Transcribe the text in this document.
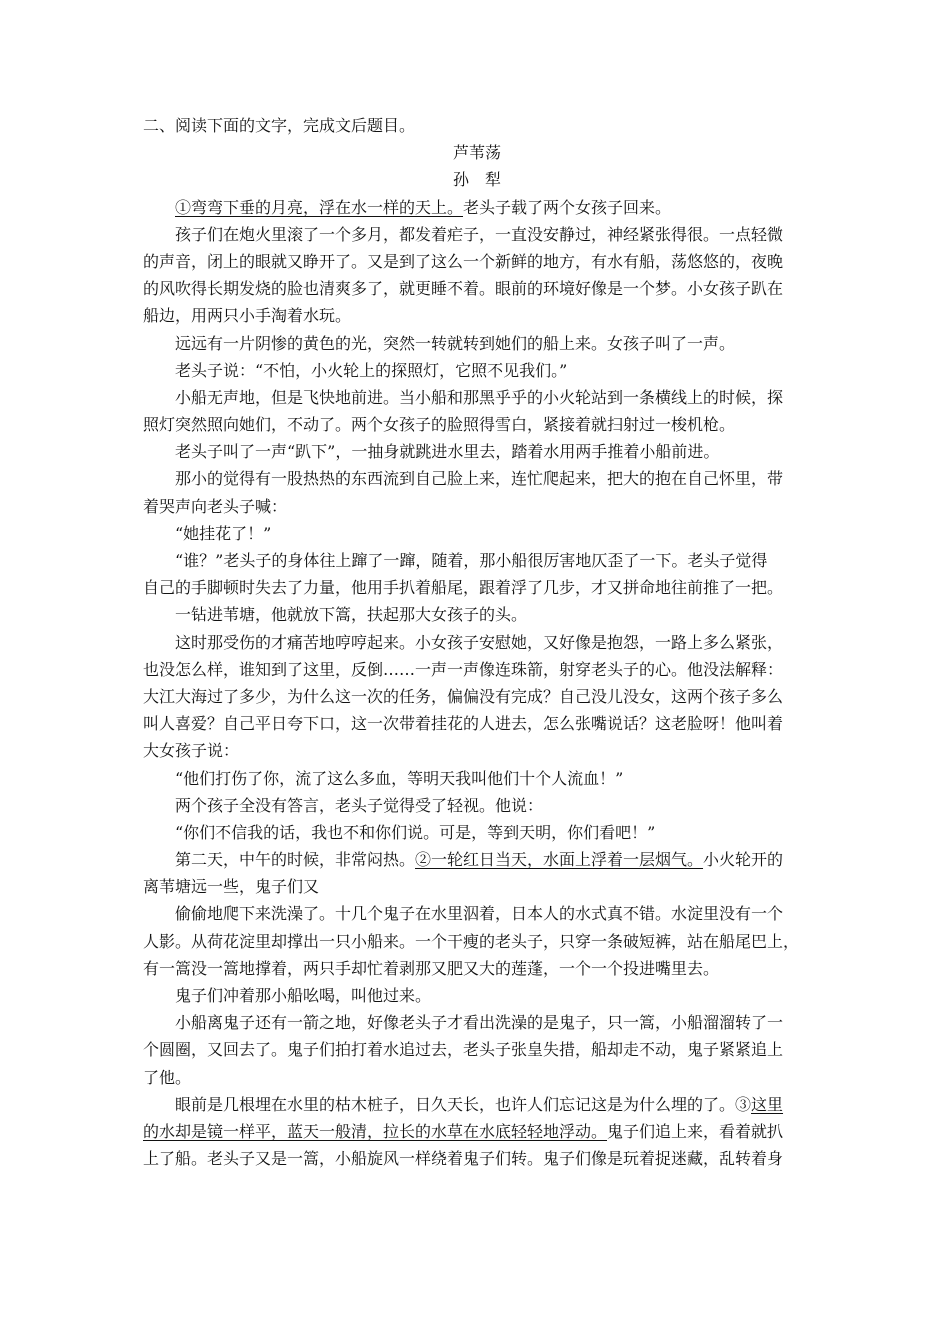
二、阅读下面的文字，完成文后题目。
芦苇荡
孙　犁
①弯弯下垂的月亮，浮在水一样的天上。老头子载了两个女孩子回来。
孩子们在炮火里滚了一个多月，都发着疟子，一直没安静过，神经紧张得很。一点轻微
的声音，闭上的眼就又睁开了。又是到了这么一个新鲜的地方，有水有船，荡悠悠的，夜晚
的风吹得长期发烧的脸也清爽多了，就更睡不着。眼前的环境好像是一个梦。小女孩子趴在
船边，用两只小手淘着水玩。
远远有一片阴惨的黄色的光，突然一转就转到她们的船上来。女孩子叫了一声。
老头子说：“不怕，小火轮上的探照灯，它照不见我们。”
小船无声地，但是飞快地前进。当小船和那黑乎乎的小火轮站到一条横线上的时候，探
照灯突然照向她们，不动了。两个女孩子的脸照得雪白，紧接着就扫射过一梭机枪。
老头子叫了一声“趴下”，一抽身就跳进水里去，踏着水用两手推着小船前进。
那小的觉得有一股热热的东西流到自己脸上来，连忙爬起来，把大的抱在自己怀里，带
着哭声向老头子喊：
“她挂花了！”
“谁？”老头子的身体往上蹿了一蹿，随着，那小船很厉害地仄歪了一下。老头子觉得
自己的手脚顿时失去了力量，他用手扒着船尾，跟着浮了几步，才又拼命地往前推了一把。
一钻进苇塘，他就放下篙，扶起那大女孩子的头。
这时那受伤的才痛苦地哼哼起来。小女孩子安慰她，又好像是抱怨，一路上多么紧张，
也没怎么样，谁知到了这里，反倒……一声一声像连珠箭，射穿老头子的心。他没法解释：
大江大海过了多少，为什么这一次的任务，偏偏没有完成？自己没儿没女，这两个孩子多么
叫人喜爱？自己平日夸下口，这一次带着挂花的人进去，怎么张嘴说话？这老脸呀！他叫着
大女孩子说：
“他们打伤了你，流了这么多血，等明天我叫他们十个人流血！”
两个孩子全没有答言，老头子觉得受了轻视。他说：
“你们不信我的话，我也不和你们说。可是，等到天明，你们看吧！”
第二天，中午的时候，非常闷热。②一轮红日当天，水面上浮着一层烟气。小火轮开的
离苇塘远一些，鬼子们又
偷偷地爬下来洗澡了。十几个鬼子在水里泅着，日本人的水式真不错。水淀里没有一个
人影。从荷花淀里却撑出一只小船来。一个干瘦的老头子，只穿一条破短裤，站在船尾巴上，
有一篙没一篙地撑着，两只手却忙着剥那又肥又大的莲蓬，一个一个投进嘴里去。
鬼子们冲着那小船吆喝，叫他过来。
小船离鬼子还有一箭之地，好像老头子才看出洗澡的是鬼子，只一篙，小船溜溜转了一
个圆圈，又回去了。鬼子们拍打着水追过去，老头子张皇失措，船却走不动，鬼子紧紧追上
了他。
眼前是几根埋在水里的枯木桩子，日久天长，也许人们忘记这是为什么埋的了。③这里
的水却是镜一样平，蓝天一般清，拉长的水草在水底轻轻地浮动。鬼子们追上来，看着就扒
上了船。老头子又是一篙，小船旋风一样绕着鬼子们转。鬼子们像是玩着捉迷藏，乱转着身
